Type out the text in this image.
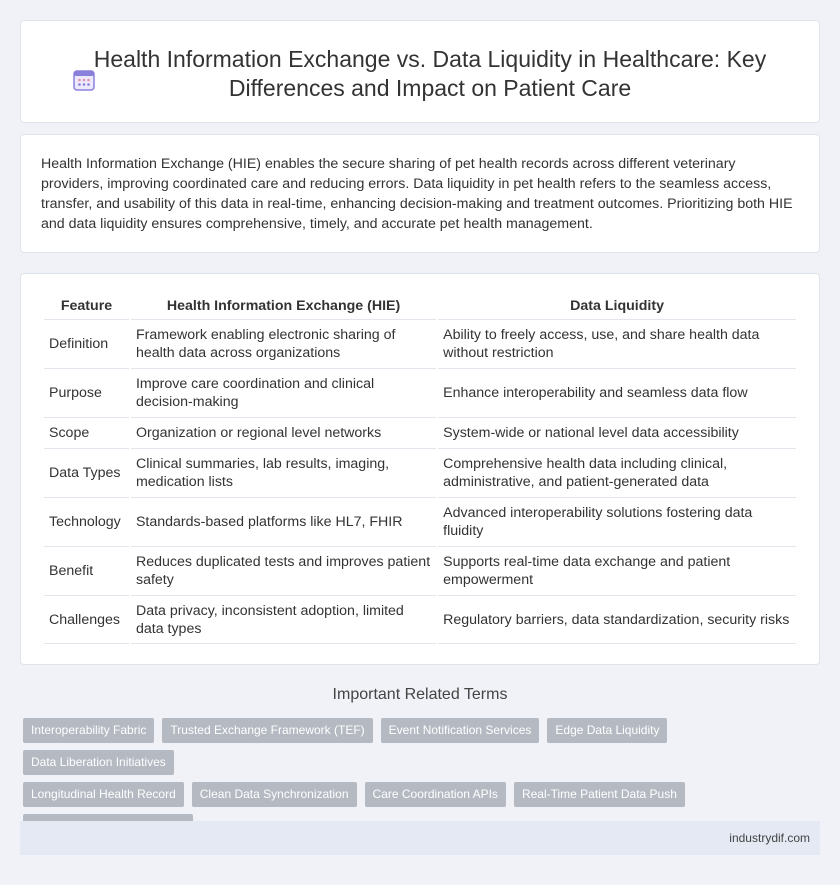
Health Information Exchange vs. Data Liquidity in Healthcare: Key Differences and Impact on Patient Care

Health Information Exchange (HIE) enables the secure sharing of pet health records across different veterinary providers, improving coordinated care and reducing errors. Data liquidity in pet health refers to the seamless access, transfer, and usability of this data in real-time, enhancing decision-making and treatment outcomes. Prioritizing both HIE and data liquidity ensures comprehensive, timely, and accurate pet health management.

Feature	Health Information Exchange (HIE)	Data Liquidity
Definition	Framework enabling electronic sharing of health data across organizations	Ability to freely access, use, and share health data without restriction
Purpose	Improve care coordination and clinical decision-making	Enhance interoperability and seamless data flow
Scope	Organization or regional level networks	System-wide or national level data accessibility
Data Types	Clinical summaries, lab results, imaging, medication lists	Comprehensive health data including clinical, administrative, and patient-generated data
Technology	Standards-based platforms like HL7, FHIR	Advanced interoperability solutions fostering data fluidity
Benefit	Reduces duplicated tests and improves patient safety	Supports real-time data exchange and patient empowerment
Challenges	Data privacy, inconsistent adoption, limited data types	Regulatory barriers, data standardization, security risks
Important Related Terms
Interoperability Fabric	Trusted Exchange Framework (TEF)	Event Notification Services	Edge Data Liquidity
Data Liberation Initiatives
Longitudinal Health Record	Clean Data Synchronization	Care Coordination APIs	Real-Time Patient Data Push
industrydif.com
